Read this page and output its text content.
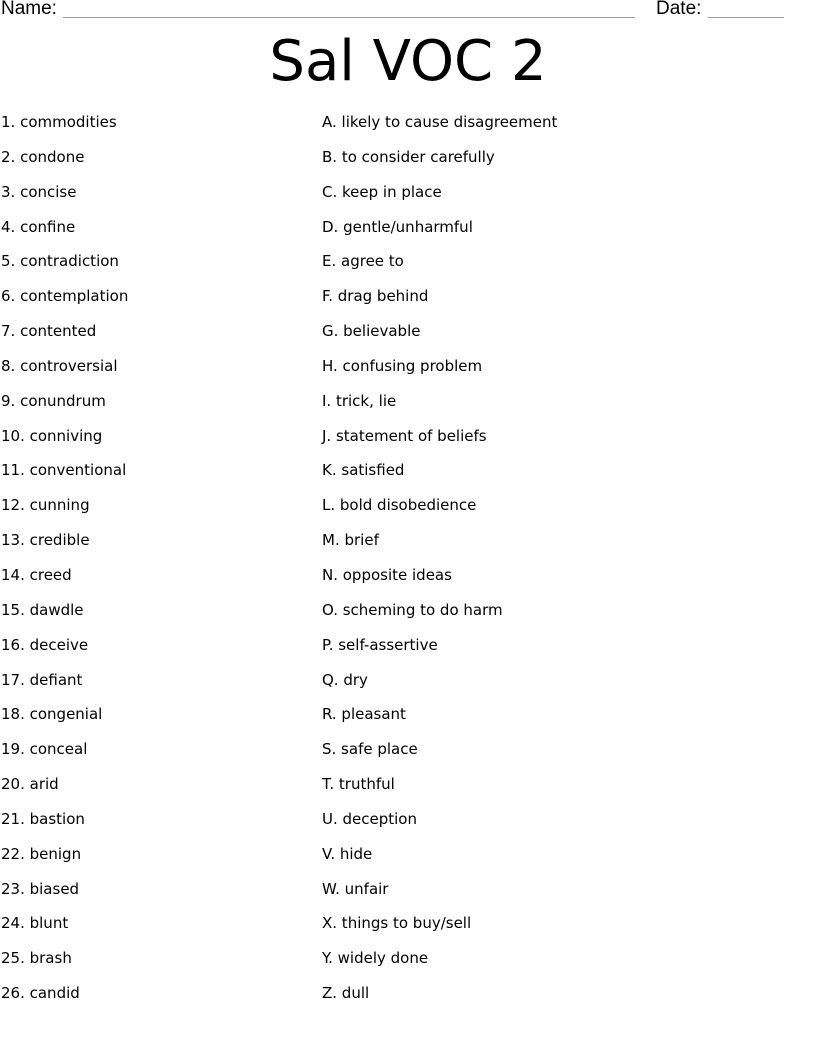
Name:	Date:
Sal VOC 2
1. commodities
2. condone
3. concise
4. confine
5. contradiction
6. contemplation
7. contented
8. controversial
9. conundrum
10. conniving
11. conventional
12. cunning
13. credible
14. creed
15. dawdle
16. deceive
17. defiant
18. congenial
19. conceal
20. arid
21. bastion
22. benign
23. biased
24. blunt
25. brash
26. candid
A. likely to cause disagreement
B. to consider carefully
C. keep in place
D. gentle/unharmful
E. agree to
F. drag behind
G. believable
H. confusing problem
I. trick, lie
J. statement of beliefs
K. satisfied
L. bold disobedience
M. brief
N. opposite ideas
O. scheming to do harm
P. self-assertive
Q. dry
R. pleasant
S. safe place
T. truthful
U. deception
V. hide
W. unfair
X. things to buy/sell
Y. widely done
Z. dull
